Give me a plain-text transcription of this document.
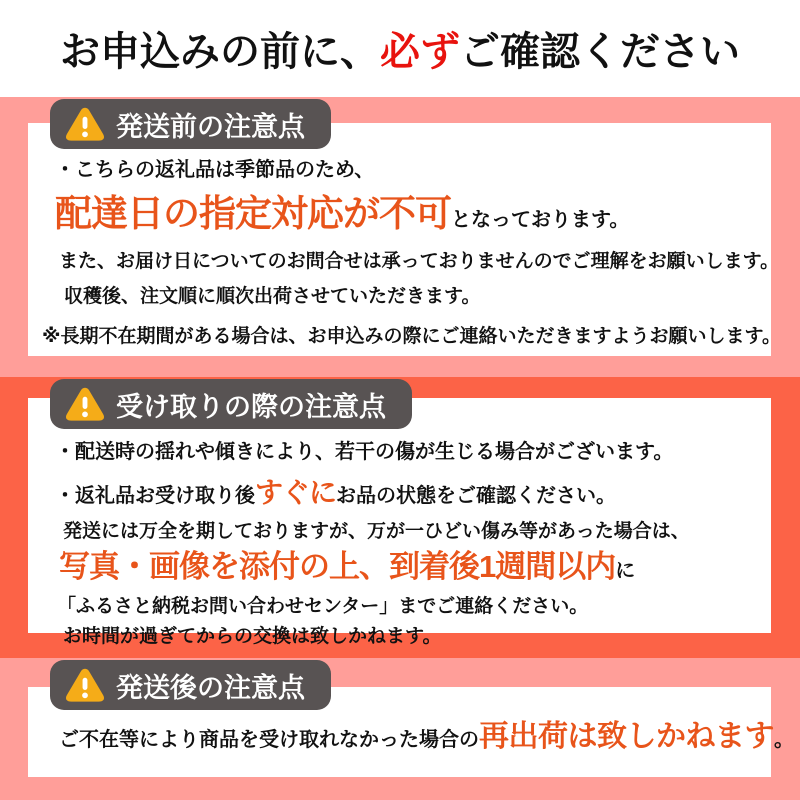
お申込みの前に、 必ず ご確認ください
発送前の注意点
・こちらの返礼品は季節品のため、
配達日の指定対応が不可となっております。
また、お届け日についてのお問合せは承っておりませんのでご理解をお願いします。
収穫後、注文順に順次出荷させていただきます。
※長期不在期間がある場合は、お申込みの際にご連絡いただきますようお願いします。
受け取りの際の注意点
・配送時の揺れや傾きにより、若干の傷が生じる場合がございます。
・返礼品お受け取り後すぐにお品の状態をご確認ください。
発送には万全を期しておりますが、万が一ひどい傷み等があった場合は、
写真・画像を添付の上、到着後1週間以内に
「ふるさと納税お問い合わせセンター」までご連絡ください。
お時間が過ぎてからの交換は致しかねます。
発送後の注意点
ご不在等により商品を受け取れなかった場合の再出荷は致しかねます。
